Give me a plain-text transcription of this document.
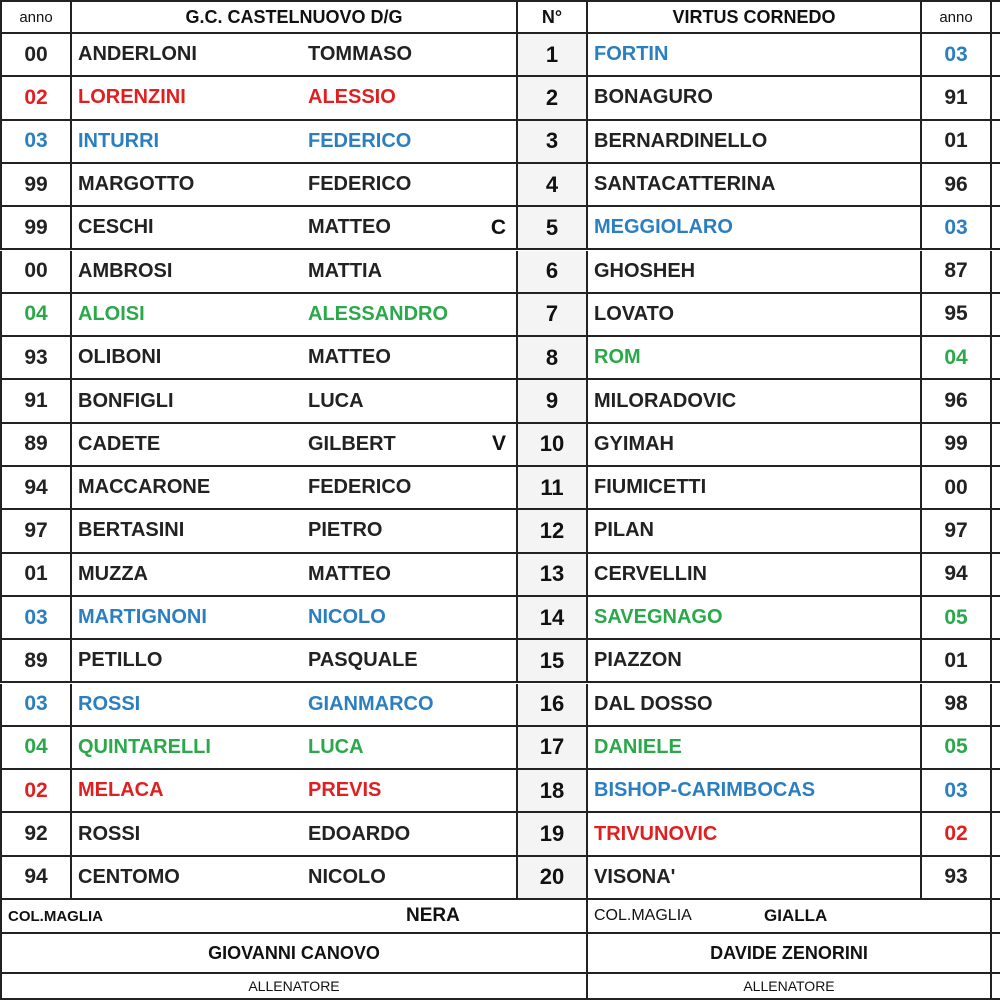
anno	G.C. CASTELNUOVO D/G	N°	VIRTUS CORNEDO	anno
00	ANDERLONI	TOMMASO	1	FORTIN	03
02	LORENZINI	ALESSIO	2	BONAGURO	91
03	INTURRI	FEDERICO	3	BERNARDINELLO	01
99	MARGOTTO	FEDERICO	4	SANTACATTERINA	96
99	CESCHI	MATTEO	C	5	MEGGIOLARO	03
00	AMBROSI	MATTIA	6	GHOSHEH	87
04	ALOISI	ALESSANDRO	7	LOVATO	95
93	OLIBONI	MATTEO	8	ROM	04
91	BONFIGLI	LUCA	9	MILORADOVIC	96
89	CADETE	GILBERT	V	10	GYIMAH	99
94	MACCARONE	FEDERICO	11	FIUMICETTI	00
97	BERTASINI	PIETRO	12	PILAN	97
01	MUZZA	MATTEO	13	CERVELLIN	94
03	MARTIGNONI	NICOLO	14	SAVEGNAGO	05
89	PETILLO	PASQUALE	15	PIAZZON	01
03	ROSSI	GIANMARCO	16	DAL DOSSO	98
04	QUINTARELLI	LUCA	17	DANIELE	05
02	MELACA	PREVIS	18	BISHOP-CARIMBOCAS	03
92	ROSSI	EDOARDO	19	TRIVUNOVIC	02
94	CENTOMO	NICOLO	20	VISONA'	93
COL.MAGLIA	NERA	COL.MAGLIA	GIALLA
GIOVANNI CANOVO	DAVIDE ZENORINI
ALLENATORE	ALLENATORE
